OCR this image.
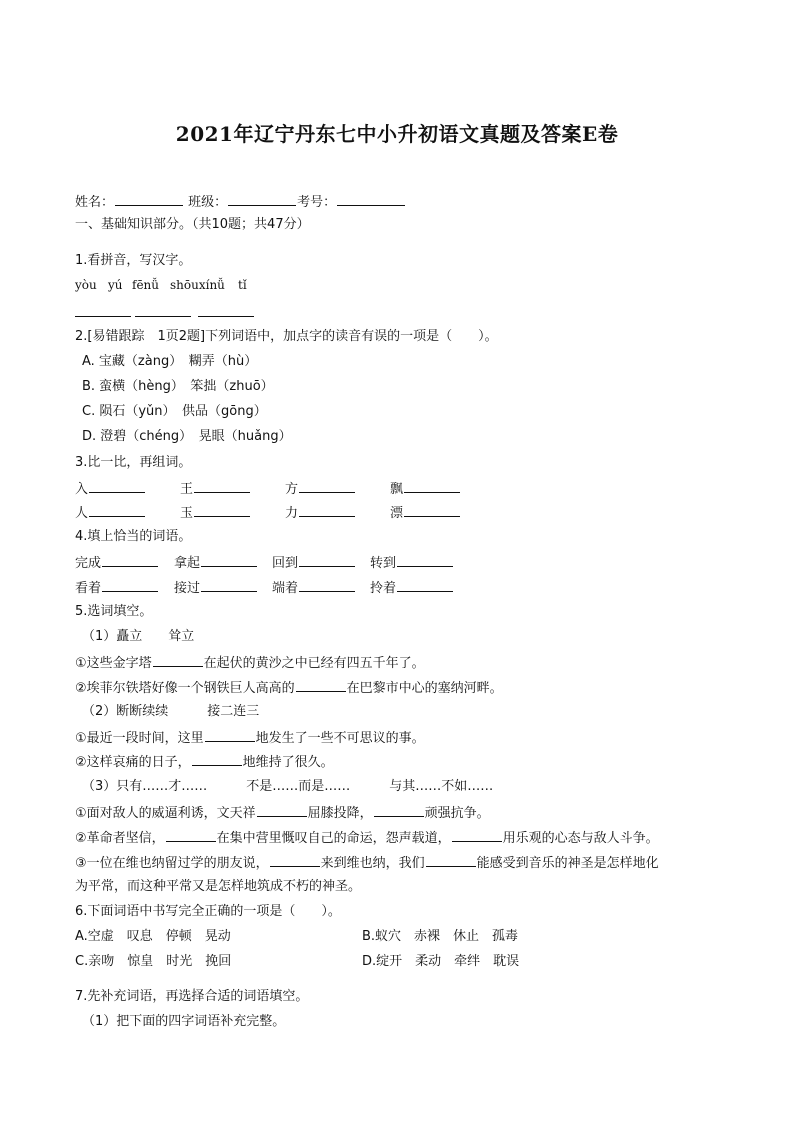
2021年辽宁丹东七中小升初语文真题及答案E卷
姓名：	班级：	考号：
一、基础知识部分。（共10题；共47分）
1.看拼音，写汉字。
yòu yú fēnǚ shōuxínǚ tǐ
2.[易错跟踪　1页2题]下列词语中，加点字的读音有误的一项是（　　）。
A. 宝藏（zàng）　糊弄（hù）
B. 蛮横（hèng）　笨拙（zhuō）
C. 陨石（yǔn）　供品（gōng）
D. 澄碧（chéng）　晃眼（huǎng）
3.比一比，再组词。
入	王	方	飘
人	玉	力	漂
4.填上恰当的词语。
完成	拿起	回到	转到
看着	接过	端着	拎着
5.选词填空。
（1）矗立　　耸立
①这些金字塔	在起伏的黄沙之中已经有四五千年了。
②埃菲尔铁塔好像一个钢铁巨人高高的	在巴黎市中心的塞纳河畔。
（2）断断续续　　　接二连三
①最近一段时间，这里	地发生了一些不可思议的事。
②这样哀痛的日子，	地维持了很久。
（3）只有……才……　　　不是……而是……　　　与其……不如……
①面对敌人的威逼利诱，文天祥	屈膝投降，	顽强抗争。
②革命者坚信，	在集中营里慨叹自己的命运，怨声载道，	用乐观的心态与敌人斗争。
③一位在维也纳留过学的朋友说，	来到维也纳，我们	能感受到音乐的神圣是怎样地化
为平常，而这种平常又是怎样地筑成不朽的神圣。
6.下面词语中书写完全正确的一项是（　　）。
A.空虚　叹息　停顿　晃动	B.蚁穴　赤裸　休止　孤毒
C.亲吻　惊皇　时光　挽回	D.绽开　柔动　牵绊　耽误
7.先补充词语，再选择合适的词语填空。
（1）把下面的四字词语补充完整。
